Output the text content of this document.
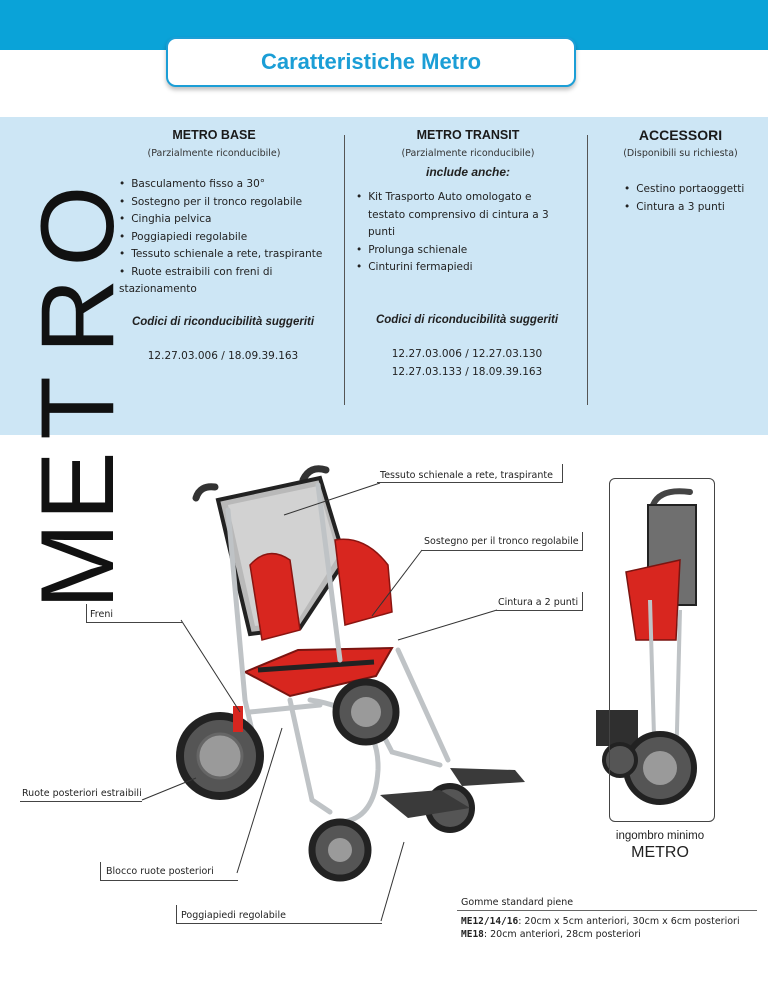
Caratteristiche Metro
METRO BASE
(Parzialmente riconducibile)
• Basculamento fisso a 30°
• Sostegno per il tronco regolabile
• Cinghia pelvica
• Poggiapiedi regolabile
• Tessuto schienale a rete, traspirante
• Ruote estraibili con freni di stazionamento
Codici di riconducibilità suggeriti
12.27.03.006 / 18.09.39.163
METRO TRANSIT
(Parzialmente riconducibile)
include anche:
• Kit Trasporto Auto omologato e testato comprensivo di cintura a 3 punti
• Prolunga schienale
• Cinturini fermapiedi
Codici di riconducibilità suggeriti
12.27.03.006 / 12.27.03.130
12.27.03.133 / 18.09.39.163
ACCESSORI
(Disponibili su richiesta)
• Cestino portaoggetti
• Cintura a 3 punti
O
R
T
E
M
Tessuto schienale a rete, traspirante
Sostegno per il tronco regolabile
Cintura a 2 punti
Freni
Ruote posteriori estraibili
Blocco ruote posteriori
Poggiapiedi regolabile
ingombro minimo
METRO
Gomme standard piene
ME12/14/16: 20cm x 5cm anteriori, 30cm x 6cm posteriori
ME18: 20cm anteriori, 28cm posteriori
